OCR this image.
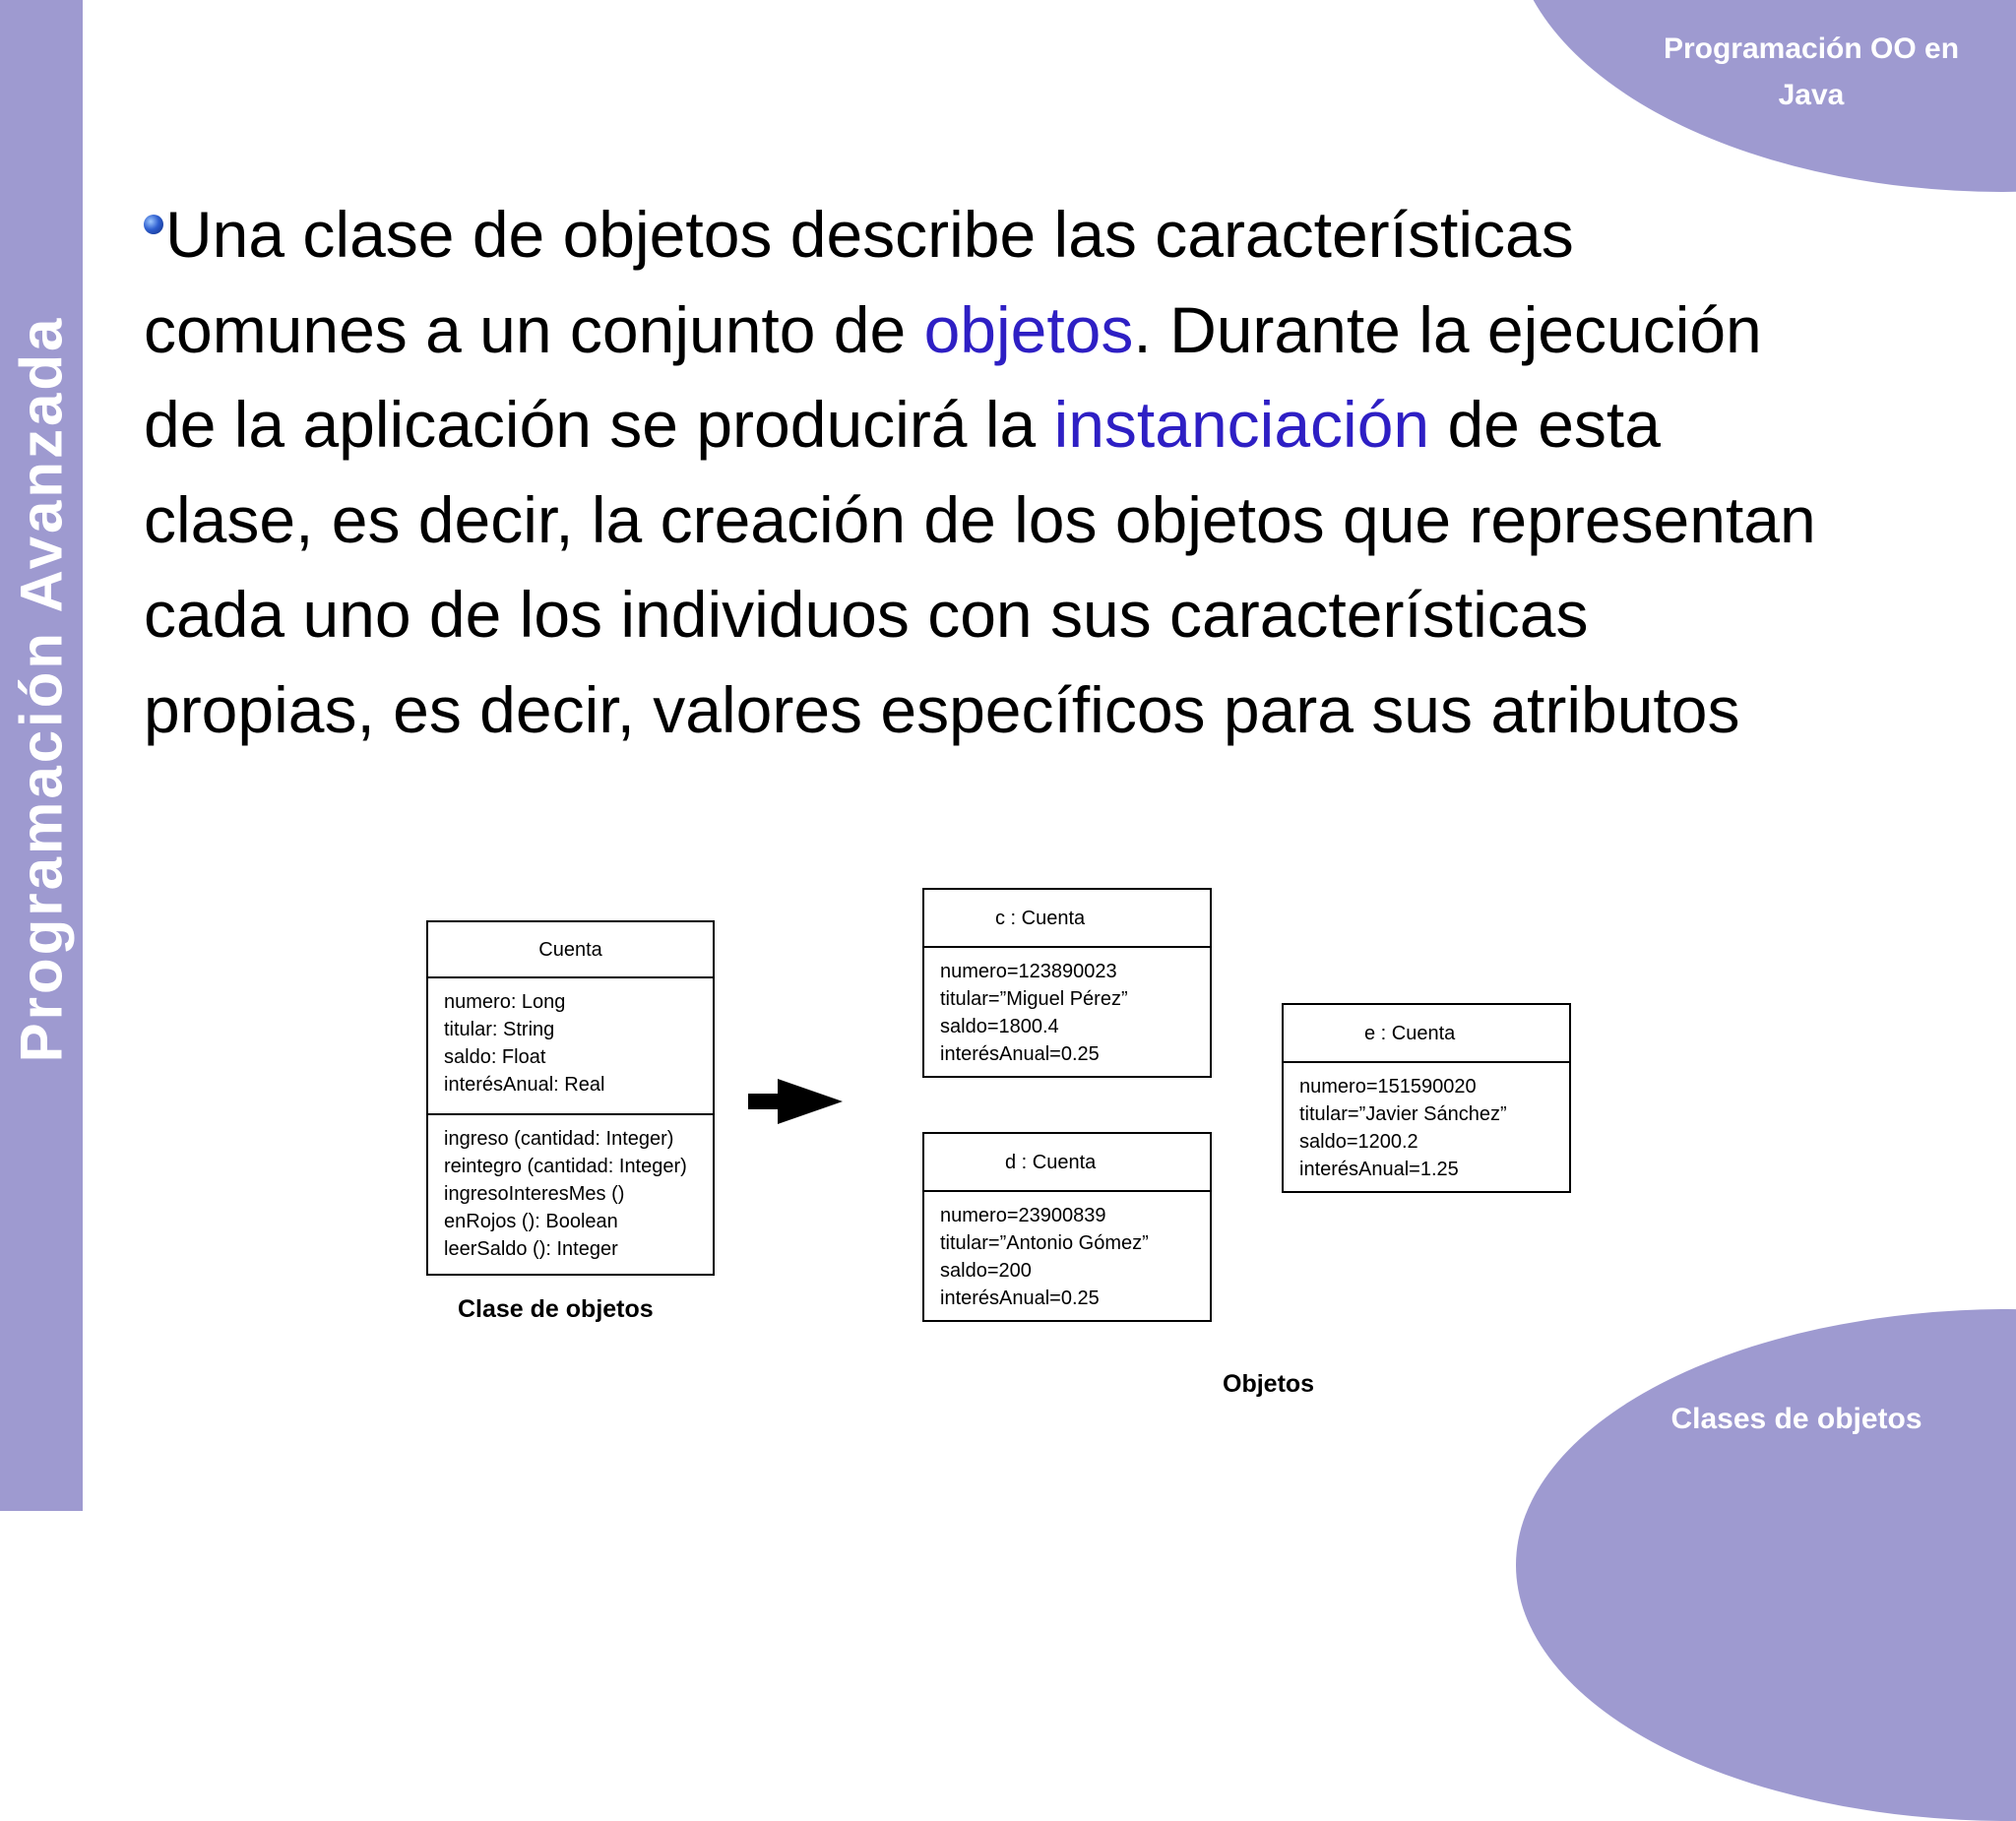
Programación Avanzada
Programación OO en
Java
Clases de objetos
Una clase de objetos describe las características comunes a un conjunto de objetos. Durante la ejecución de la aplicación se producirá la instanciación de esta clase, es decir, la creación de los objetos que representan cada uno de los individuos con sus características propias, es decir, valores específicos para sus atributos
Cuenta
numero: Long
titular: String
saldo: Float
interésAnual: Real
ingreso (cantidad: Integer)
reintegro (cantidad: Integer)
ingresoInteresMes ()
enRojos (): Boolean
leerSaldo (): Integer
Clase de objetos
c : Cuenta
numero=123890023
titular=”Miguel Pérez”
saldo=1800.4
interésAnual=0.25
d : Cuenta
numero=23900839
titular=”Antonio Gómez”
saldo=200
interésAnual=0.25
e : Cuenta
numero=151590020
titular=”Javier Sánchez”
saldo=1200.2
interésAnual=1.25
Objetos
